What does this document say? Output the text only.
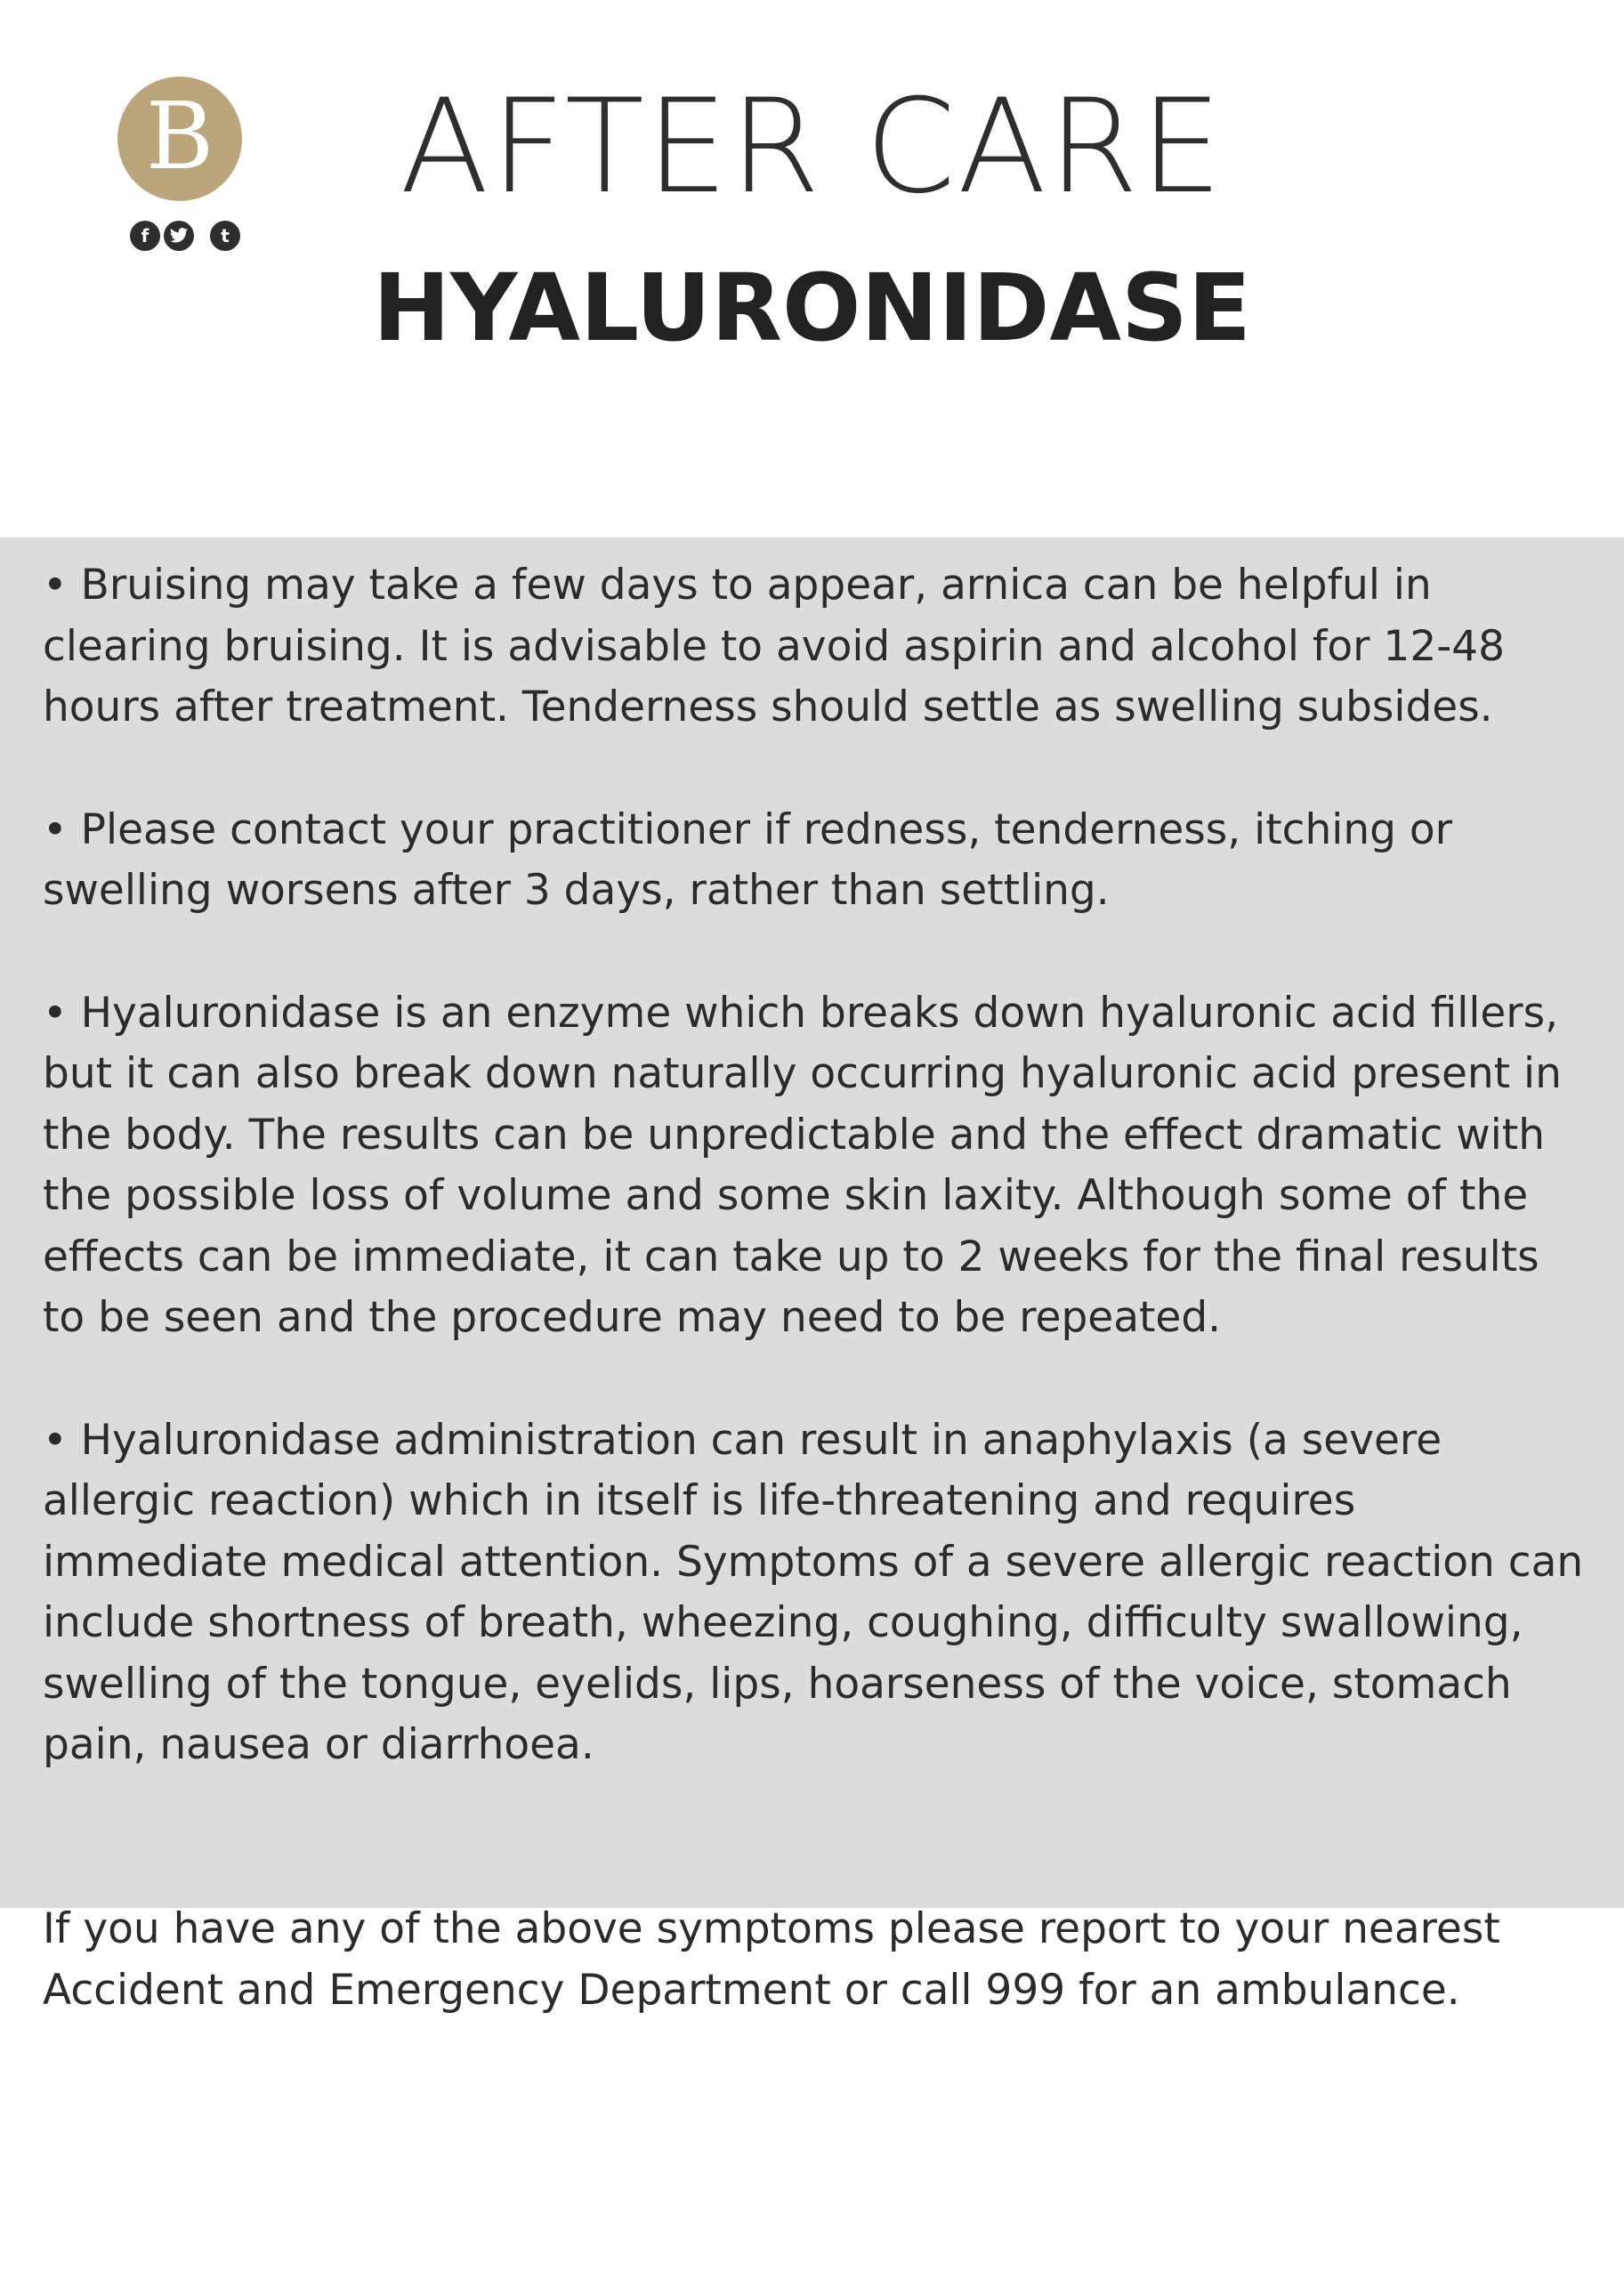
B
f	t
AFTER CARE
HYALURONIDASE
• Bruising may take a few days to appear, arnica can be helpful in clearing bruising. It is advisable to avoid aspirin and alcohol for 12-48 hours after treatment. Tenderness should settle as swelling subsides.
• Please contact your practitioner if redness, tenderness, itching or swelling worsens after 3 days, rather than settling.
• Hyaluronidase is an enzyme which breaks down hyaluronic acid fillers, but it can also break down naturally occurring hyaluronic acid present in the body. The results can be unpredictable and the effect dramatic with the possible loss of volume and some skin laxity. Although some of the effects can be immediate, it can take up to 2 weeks for the final results to be seen and the procedure may need to be repeated.
• Hyaluronidase administration can result in anaphylaxis (a severe allergic reaction) which in itself is life-threatening and requires immediate medical attention. Symptoms of a severe allergic reaction can include shortness of breath, wheezing, coughing, difficulty swallowing, swelling of the tongue, eyelids, lips, hoarseness of the voice, stomach pain, nausea or diarrhoea.

If you have any of the above symptoms please report to your nearest Accident and Emergency Department or call 999 for an ambulance.
